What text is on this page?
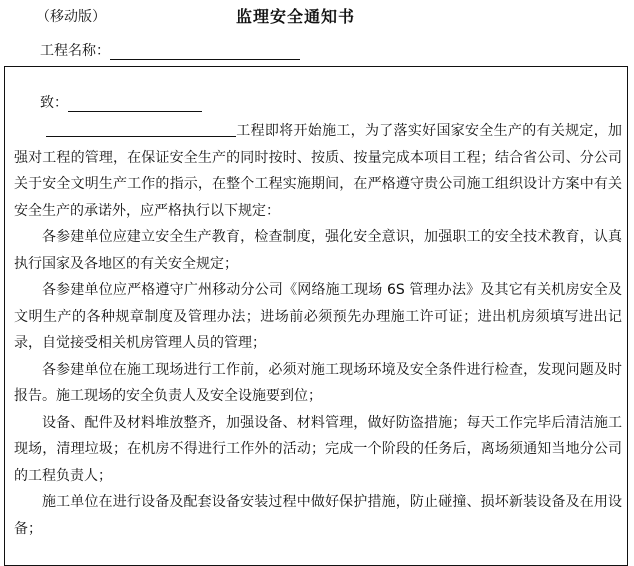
（移动版）	监理安全通知书
工程名称：
致：

工程即将开始施工，为了落实好国家安全生产的有关规定，加强对工程的管理，在保证安全生产的同时按时、按质、按量完成本项目工程；结合省公司、分公司关于安全文明生产工作的指示，在整个工程实施期间，在严格遵守贵公司施工组织设计方案中有关安全生产的承诺外，应严格执行以下规定：

各参建单位应建立安全生产教育，检查制度，强化安全意识，加强职工的安全技术教育，认真执行国家及各地区的有关安全规定；

各参建单位应严格遵守广州移动分公司《网络施工现场 6S 管理办法》及其它有关机房安全及文明生产的各种规章制度及管理办法；进场前必须预先办理施工许可证；进出机房须填写进出记录，自觉接受相关机房管理人员的管理；

各参建单位在施工现场进行工作前，必须对施工现场环境及安全条件进行检查，发现问题及时报告。施工现场的安全负责人及安全设施要到位；

设备、配件及材料堆放整齐，加强设备、材料管理，做好防盗措施；每天工作完毕后清洁施工现场，清理垃圾；在机房不得进行工作外的活动；完成一个阶段的任务后，离场须通知当地分公司的工程负责人；

施工单位在进行设备及配套设备安装过程中做好保护措施，防止碰撞、损坏新装设备及在用设备；
